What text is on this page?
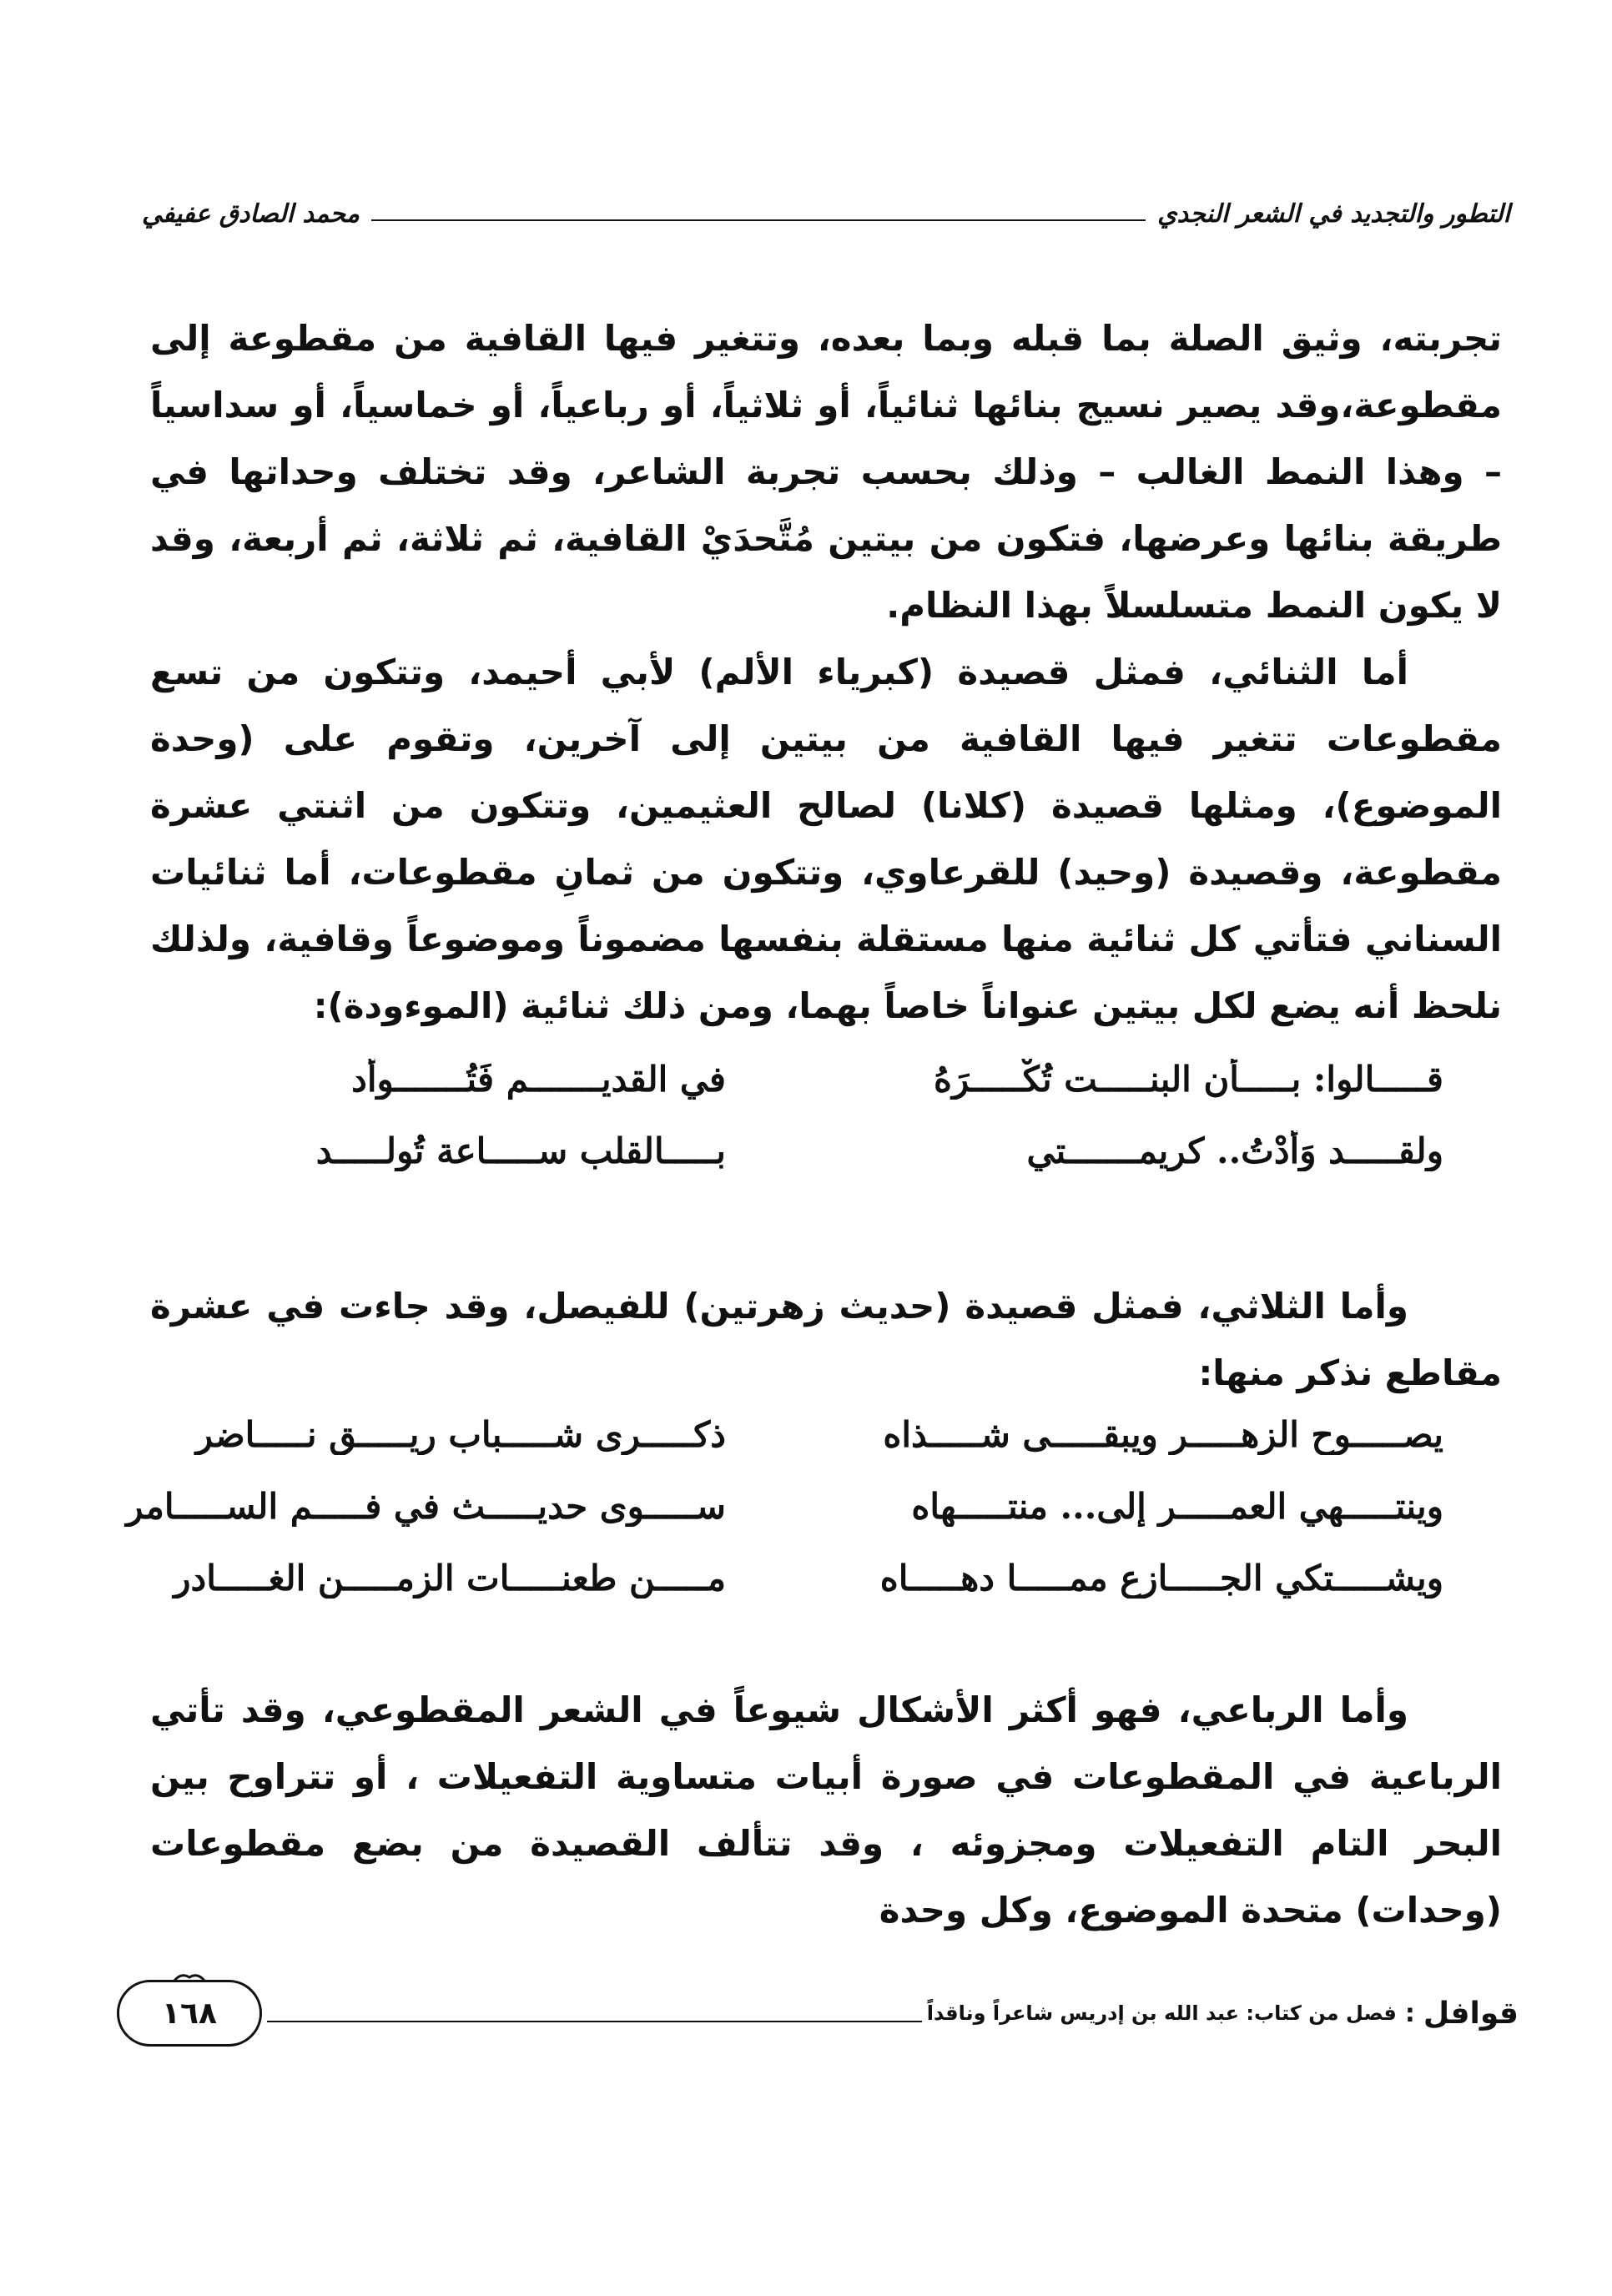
التطور والتجديد في الشعر النجدي
محمد الصادق عفيفي

تجربته، وثيق الصلة بما قبله وبما بعده، وتتغير فيها القافية من مقطوعة إلى مقطوعة،وقد يصير نسيج بنائها ثنائياً، أو ثلاثياً، أو رباعياً، أو خماسياً، أو سداسياً – وهذا النمط الغالب – وذلك بحسب تجربة الشاعر، وقد تختلف وحداتها في طريقة بنائها وعرضها، فتكون من بيتين مُتَّحدَيْ القافية، ثم ثلاثة، ثم أربعة، وقد لا يكون النمط متسلسلاً بهذا النظام.

أما الثنائي، فمثل قصيدة (كبرياء الألم) لأبي أحيمد، وتتكون من تسع مقطوعات تتغير فيها القافية من بيتين إلى آخرين، وتقوم على (وحدة الموضوع)، ومثلها قصيدة (كلانا) لصالح العثيمين، وتتكون من اثنتي عشرة مقطوعة، وقصيدة (وحيد) للقرعاوي، وتتكون من ثمانِ مقطوعات، أما ثنائيات السناني فتأتي كل ثنائية منها مستقلة بنفسها مضموناً وموضوعاً وقافية، ولذلك نلحظ أنه يضع لكل بيتين عنواناً خاصاً بهما، ومن ذلك ثنائية (الموءودة):

قـــــالوا: بـــــأن البنـــــت تُكْـــــرَهُ
في القديـــــــم فَتُـــــــوأد
ولقـــــد وَأَدْتُ.. كريمـــــــتي
بـــــالقلب ســـــاعة تُولـــــد

وأما الثلاثي، فمثل قصيدة (حديث زهرتين) للفيصل، وقد جاءت في عشرة مقاطع نذكر منها:

يصـــــوح الزهـــــر ويبقـــــى شـــــذاه
ذكـــــرى شـــــباب ريـــــق نـــــاضر
وينتـــــهي العمـــــر إلى... منتـــــهاه
ســـــوى حديـــــث في فـــــم الســـــامر
ويشـــــتكي الجـــــازع ممـــــا دهـــــاه
مـــــن طعنـــــات الزمـــــن الغـــــادر

وأما الرباعي، فهو أكثر الأشكال شيوعاً في الشعر المقطوعي، وقد تأتي الرباعية في المقطوعات في صورة أبيات متساوية التفعيلات ، أو تتراوح بين البحر التام التفعيلات ومجزوئه ، وقد تتألف القصيدة من بضع مقطوعات (وحدات) متحدة الموضوع، وكل وحدة

قوافل
:
فصل من كتاب: عبد الله بن إدريس شاعراً وناقداً
١٦٨
